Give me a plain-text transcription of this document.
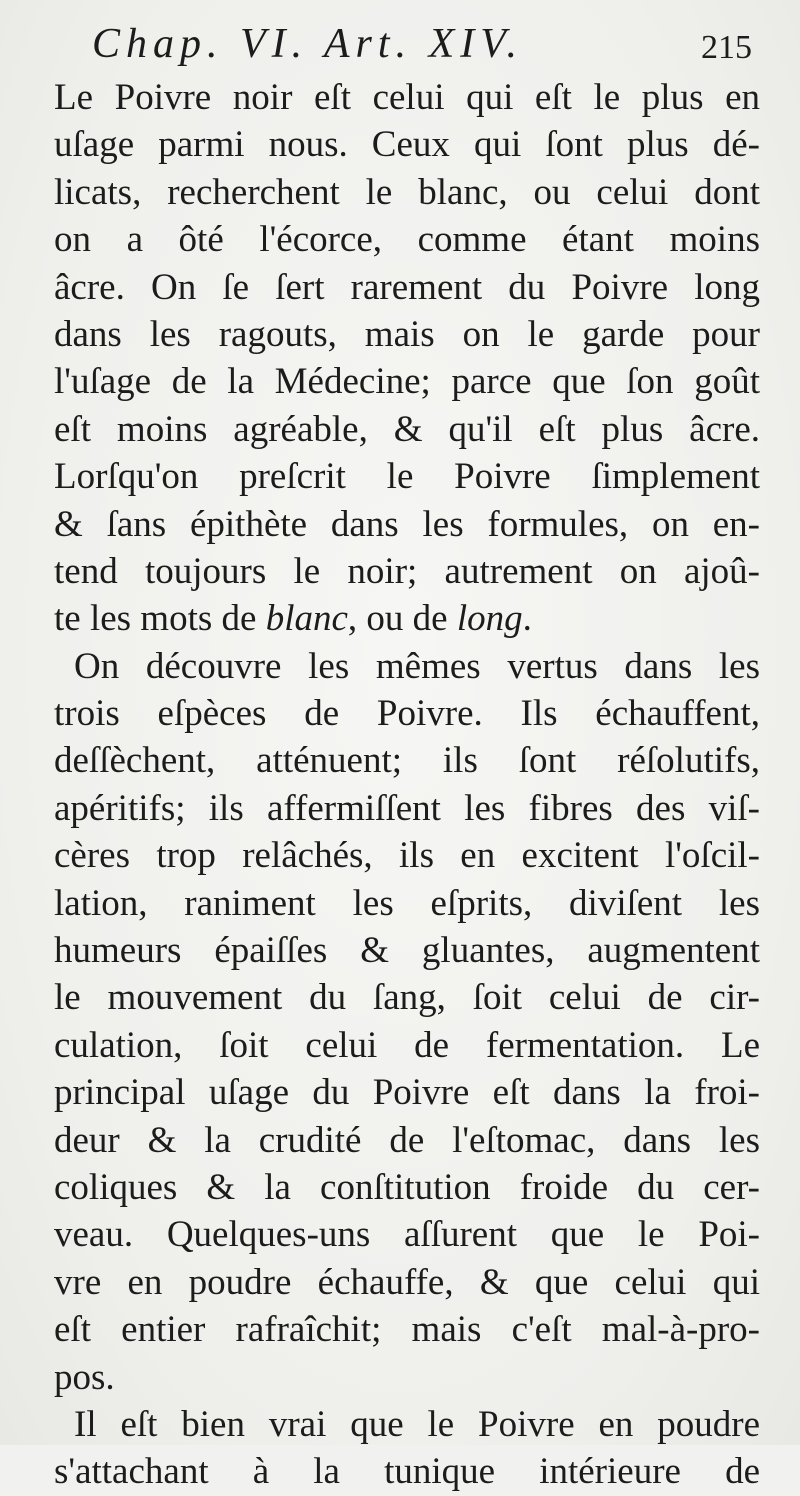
Chap. VI. Art. XIV.	215
Le Poivre noir eſt celui qui eſt le plus en
uſage parmi nous. Ceux qui ſont plus dé-
licats, recherchent le blanc, ou celui dont
on a ôté l'écorce, comme étant moins
âcre. On ſe ſert rarement du Poivre long
dans les ragouts, mais on le garde pour
l'uſage de la Médecine; parce que ſon goût
eſt moins agréable, & qu'il eſt plus âcre.
Lorſqu'on preſcrit le Poivre ſimplement
& ſans épithète dans les formules, on en-
tend toujours le noir; autrement on ajoû-
te les mots de blanc, ou de long.
On découvre les mêmes vertus dans les
trois eſpèces de Poivre. Ils échauffent,
deſſèchent, atténuent; ils ſont réſolutifs,
apéritifs; ils affermiſſent les fibres des viſ-
cères trop relâchés, ils en excitent l'oſcil-
lation, raniment les eſprits, diviſent les
humeurs épaiſſes & gluantes, augmentent
le mouvement du ſang, ſoit celui de cir-
culation, ſoit celui de fermentation. Le
principal uſage du Poivre eſt dans la froi-
deur & la crudité de l'eſtomac, dans les
coliques & la conſtitution froide du cer-
veau. Quelques-uns aſſurent que le Poi-
vre en poudre échauffe, & que celui qui
eſt entier rafraîchit; mais c'eſt mal-à-pro-
pos.
Il eſt bien vrai que le Poivre en poudre
s'attachant à la tunique intérieure de
